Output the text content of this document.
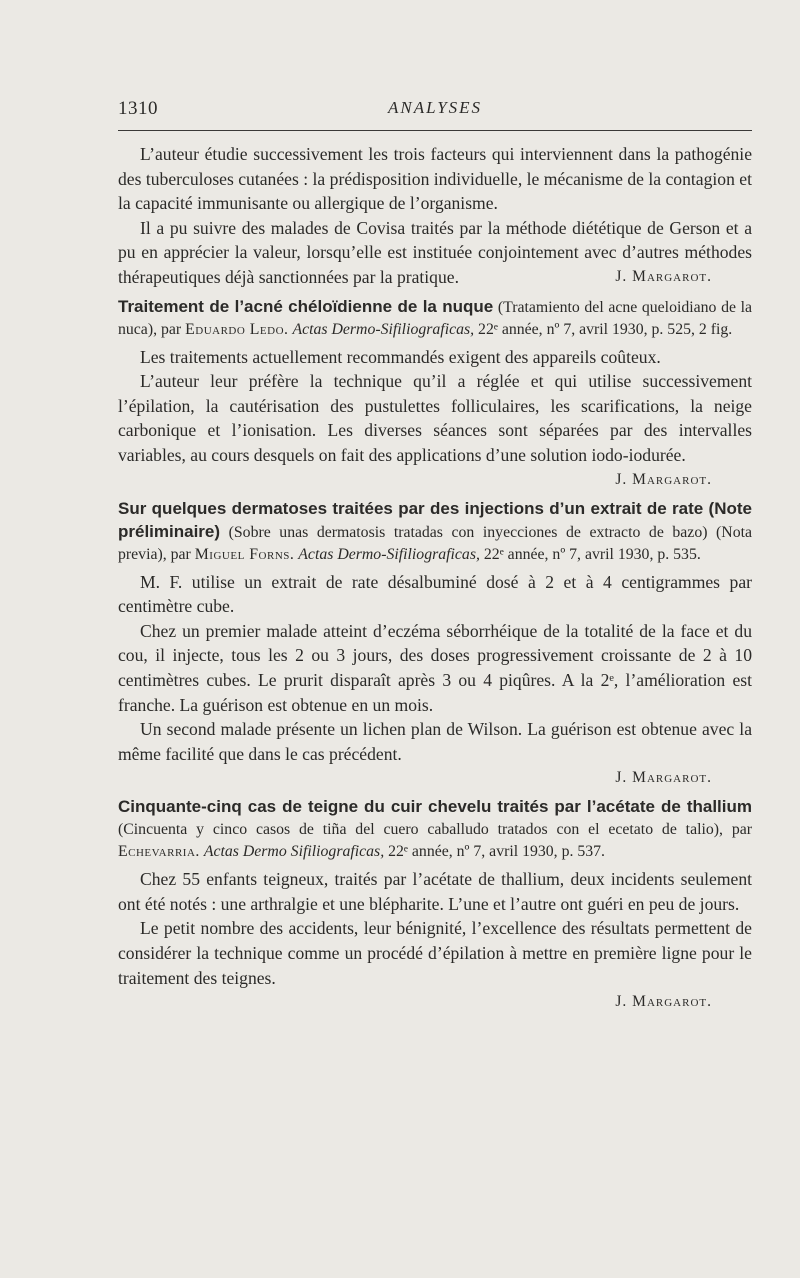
1310	ANALYSES

L’auteur étudie successivement les trois facteurs qui interviennent dans la pathogénie des tuberculoses cutanées : la prédisposition individuelle, le mécanisme de la contagion et la capacité immunisante ou allergique de l’organisme.

Il a pu suivre des malades de Covisa traités par la méthode diététique de Gerson et a pu en apprécier la valeur, lorsqu’elle est instituée conjointement avec d’autres méthodes thérapeutiques déjà sanctionnées par la pratique.	J. Margarot.

Traitement de l’acné chéloïdienne de la nuque (Tratamiento del acne queloidiano de la nuca), par Eduardo Ledo. Actas Dermo-Sifiliograficas, 22ᵉ année, nº 7, avril 1930, p. 525, 2 fig.

Les traitements actuellement recommandés exigent des appareils coûteux.

L’auteur leur préfère la technique qu’il a réglée et qui utilise successivement l’épilation, la cautérisation des pustulettes folliculaires, les scarifications, la neige carbonique et l’ionisation. Les diverses séances sont séparées par des intervalles variables, au cours desquels on fait des applications d’une solution iodo-iodurée.

J. Margarot.
Sur quelques dermatoses traitées par des injections d’un extrait de rate (Note préliminaire) (Sobre unas dermatosis tratadas con inyecciones de extracto de bazo) (Nota previa), par Miguel Forns. Actas Dermo-Sifiliograficas, 22ᵉ année, nº 7, avril 1930, p. 535.

M. F. utilise un extrait de rate désalbuminé dosé à 2 et à 4 centigrammes par centimètre cube.

Chez un premier malade atteint d’eczéma séborrhéique de la totalité de la face et du cou, il injecte, tous les 2 ou 3 jours, des doses progressivement croissante de 2 à 10 centimètres cubes. Le prurit disparaît après 3 ou 4 piqûres. A la 2ᵉ, l’amélioration est franche. La guérison est obtenue en un mois.

Un second malade présente un lichen plan de Wilson. La guérison est obtenue avec la même facilité que dans le cas précédent.

J. Margarot.
Cinquante-cinq cas de teigne du cuir chevelu traités par l’acétate de thallium (Cincuenta y cinco casos de tiña del cuero caballudo tratados con el ecetato de talio), par Echevarria. Actas Dermo Sifiliograficas, 22ᵉ année, nº 7, avril 1930, p. 537.

Chez 55 enfants teigneux, traités par l’acétate de thallium, deux incidents seulement ont été notés : une arthralgie et une blépharite. L’une et l’autre ont guéri en peu de jours.

Le petit nombre des accidents, leur bénignité, l’excellence des résultats permettent de considérer la technique comme un procédé d’épilation à mettre en première ligne pour le traitement des teignes.

J. Margarot.
